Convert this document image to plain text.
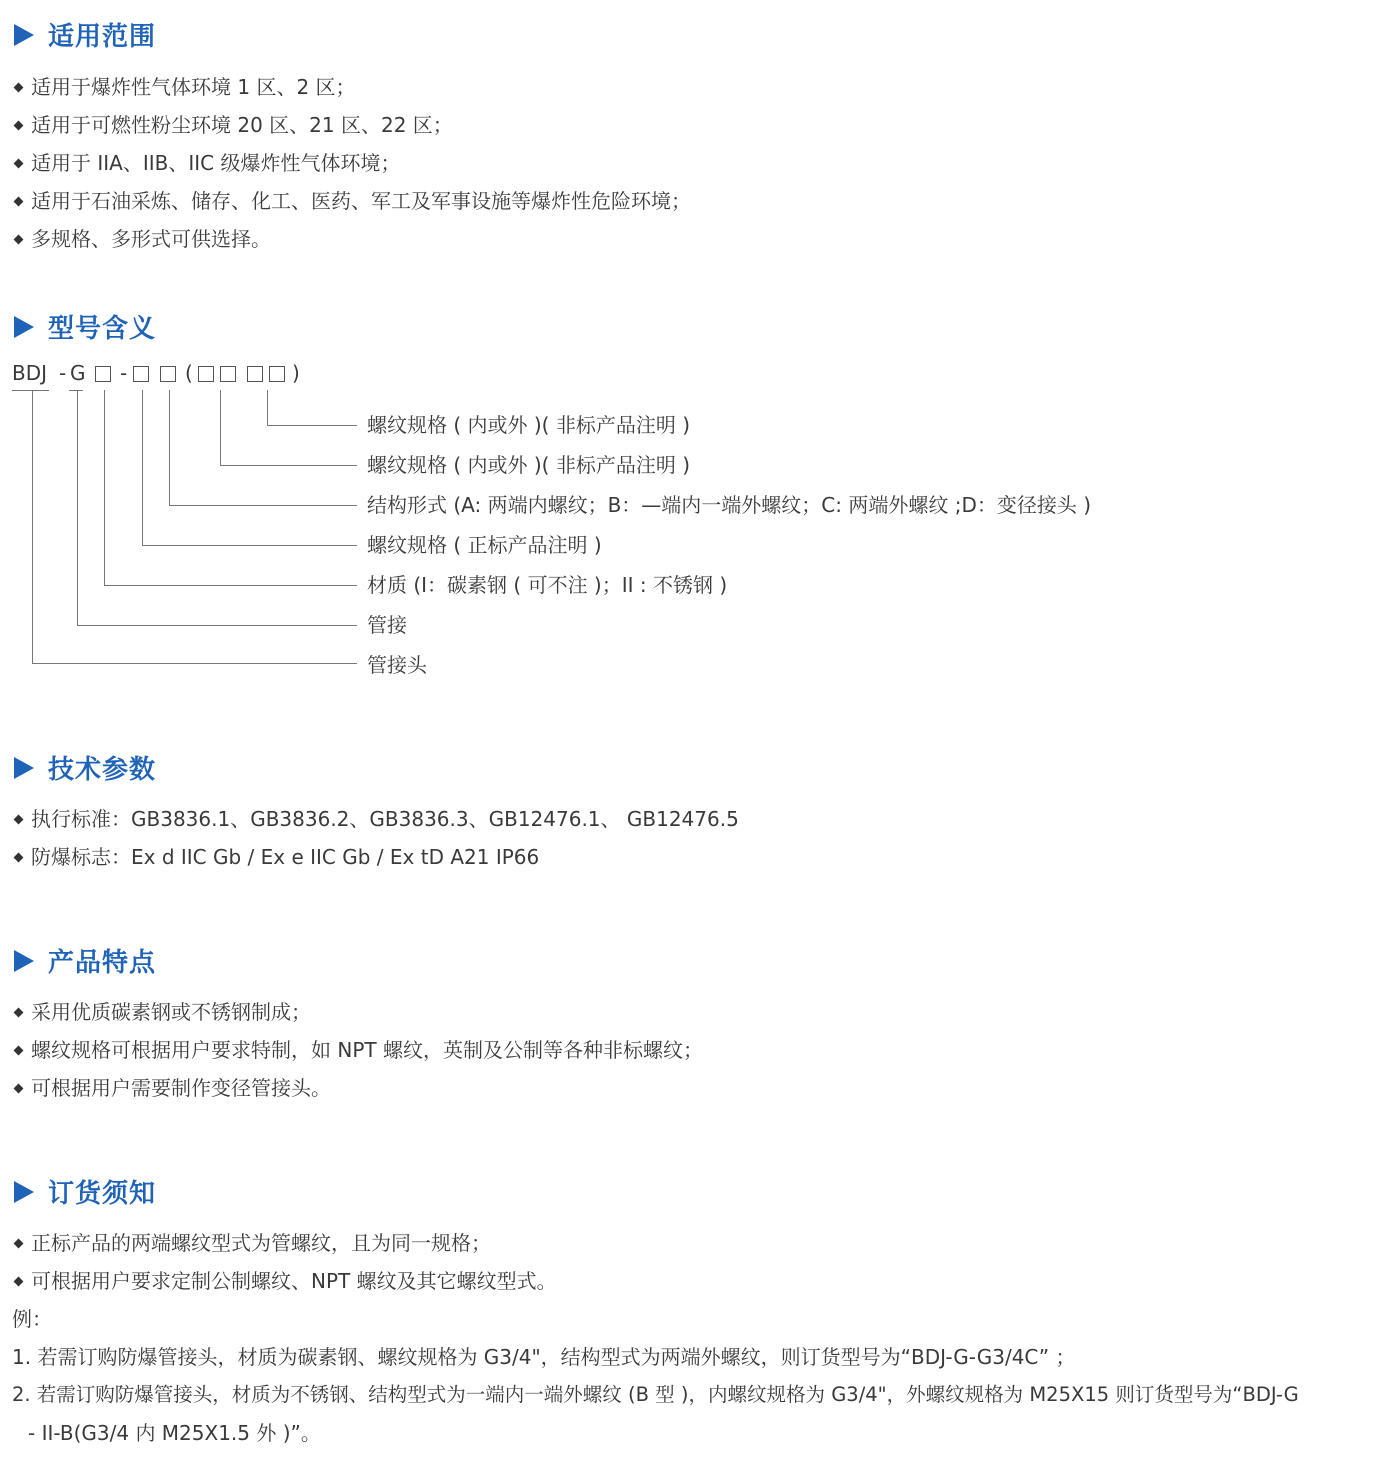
适用范围
适用于爆炸性气体环境 1 区、2 区；
适用于可燃性粉尘环境 20 区、21 区、22 区；
适用于 IIA、IIB、IIC 级爆炸性气体环境；
适用于石油采炼、储存、化工、医药、军工及军事设施等爆炸性危险环境；
多规格、多形式可供选择。
型号含义
BDJ - G -	(	)
螺纹规格 ( 内或外 )( 非标产品注明 )
螺纹规格 ( 内或外 )( 非标产品注明 )
结构形式 (A: 两端内螺纹；B：—端内一端外螺纹；C: 两端外螺纹 ;D：变径接头 )
螺纹规格 ( 正标产品注明 )
材质 (I：碳素钢 ( 可不注 )；II : 不锈钢 )
管接
管接头
技术参数
执行标准：GB3836.1、GB3836.2、GB3836.3、GB12476.1、 GB12476.5
防爆标志：Ex d IIC Gb / Ex e IIC Gb / Ex tD A21 IP66
产品特点
采用优质碳素钢或不锈钢制成；
螺纹规格可根据用户要求特制，如 NPT 螺纹，英制及公制等各种非标螺纹；
可根据用户需要制作变径管接头。
订货须知
正标产品的两端螺纹型式为管螺纹，且为同一规格；
可根据用户要求定制公制螺纹、NPT 螺纹及其它螺纹型式。
例：
1. 若需订购防爆管接头，材质为碳素钢、螺纹规格为 G3/4"，结构型式为两端外螺纹，则订货型号为“BDJ-G-G3/4C” ；
2. 若需订购防爆管接头，材质为不锈钢、结构型式为一端内一端外螺纹 (B 型 )，内螺纹规格为 G3/4"，外螺纹规格为 M25X15 则订货型号为“BDJ-G
- II-B(G3/4 内 M25X1.5 外 )”。
